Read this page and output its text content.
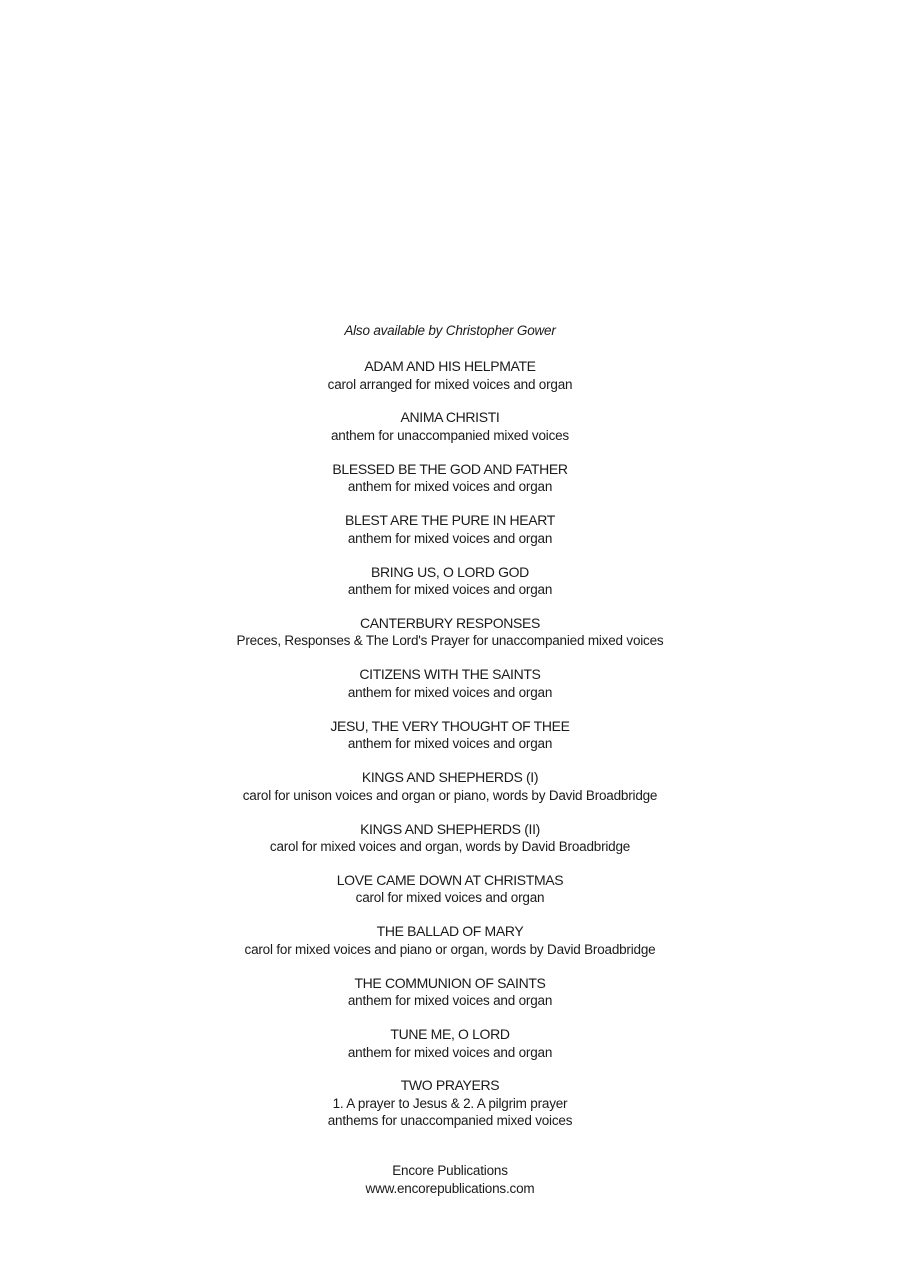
Also available by Christopher Gower
ADAM AND HIS HELPMATE
carol arranged for mixed voices and organ
ANIMA CHRISTI
anthem for unaccompanied mixed voices
BLESSED BE THE GOD AND FATHER
anthem for mixed voices and organ
BLEST ARE THE PURE IN HEART
anthem for mixed voices and organ
BRING US, O LORD GOD
anthem for mixed voices and organ
CANTERBURY RESPONSES
Preces, Responses & The Lord's Prayer for unaccompanied mixed voices
CITIZENS WITH THE SAINTS
anthem for mixed voices and organ
JESU, THE VERY THOUGHT OF THEE
anthem for mixed voices and organ
KINGS AND SHEPHERDS (I)
carol for unison voices and organ or piano, words by David Broadbridge
KINGS AND SHEPHERDS (II)
carol for mixed voices and organ, words by David Broadbridge
LOVE CAME DOWN AT CHRISTMAS
carol for mixed voices and organ
THE BALLAD OF MARY
carol for mixed voices and piano or organ, words by David Broadbridge
THE COMMUNION OF SAINTS
anthem for mixed voices and organ
TUNE ME, O LORD
anthem for mixed voices and organ
TWO PRAYERS
1. A prayer to Jesus & 2. A pilgrim prayer
anthems for unaccompanied mixed voices
Encore Publications
www.encorepublications.com
